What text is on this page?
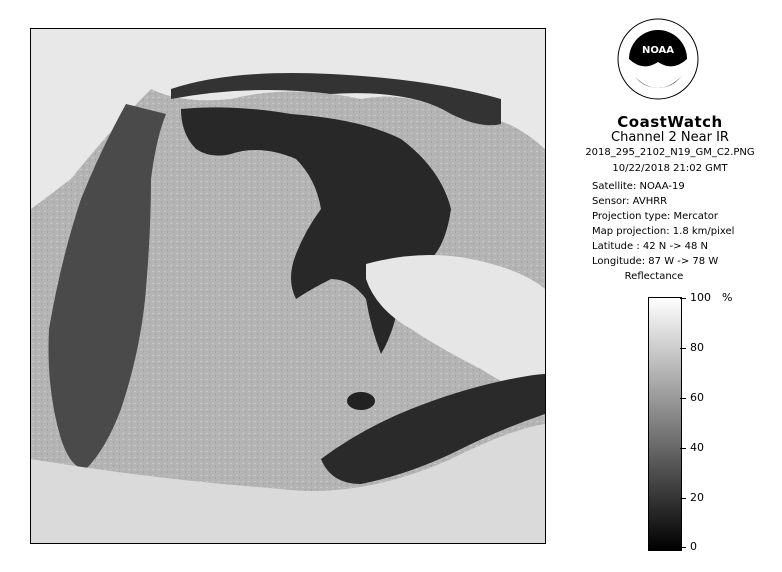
NOAA
CoastWatch
Channel 2 Near IR
2018_295_2102_N19_GM_C2.PNG
10/22/2018 21:02 GMT
Satellite: NOAA-19
Sensor: AVHRR
Projection type: Mercator
Map projection: 1.8 km/pixel
Latitude : 42 N -> 48 N
Longitude: 87 W -> 78 W
Reflectance
%
100
80
60
40
20
0
